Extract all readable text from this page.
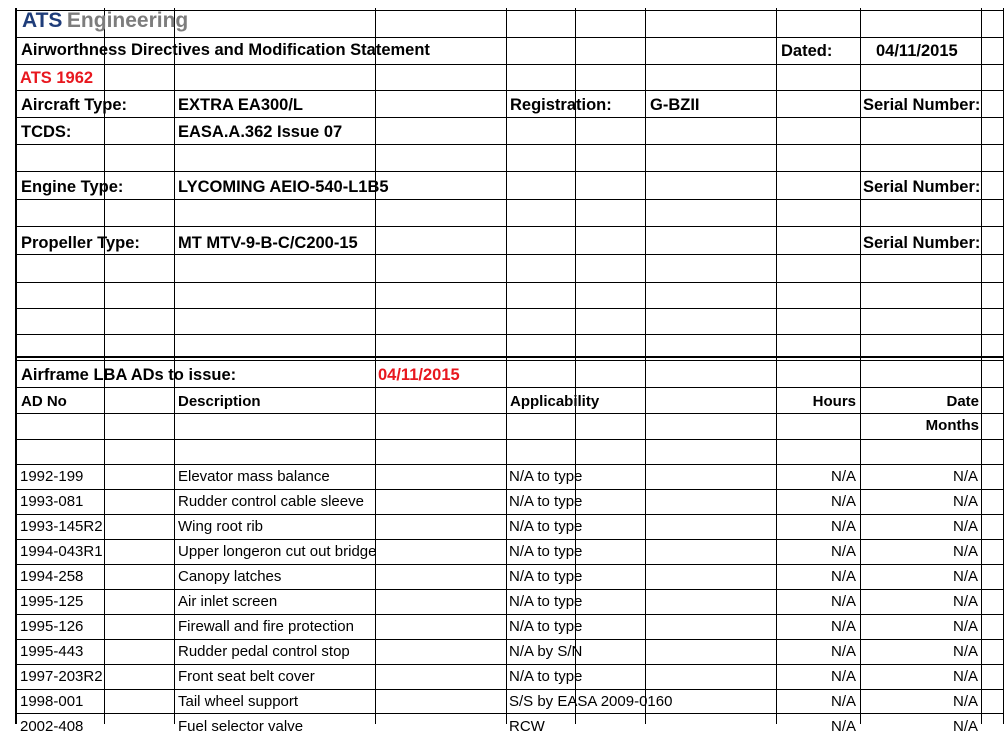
ATS Engineering
Airworthness Directives and Modification Statement	Dated:	04/11/2015
ATS 1962
Aircraft Type:	EXTRA EA300/L	Registration: G-BZII	Serial Number:
TCDS:	EASA.A.362 Issue 07
Engine Type:	LYCOMING AEIO-540-L1B5	Serial Number:
Propeller Type: MT MTV-9-B-C/C200-15	Serial Number:
Airframe LBA ADs to issue:	04/11/2015
AD No	Description	Applicability	Hours	Date
Months
1992-199	Elevator mass balance	N/A to type	N/A	N/A
1993-081	Rudder control cable sleeve	N/A to type	N/A	N/A
1993-145R2	Wing root rib	N/A to type	N/A	N/A
1994-043R1	Upper longeron cut out bridge	N/A to type	N/A	N/A
1994-258	Canopy latches	N/A to type	N/A	N/A
1995-125	Air inlet screen	N/A to type	N/A	N/A
1995-126	Firewall and fire protection	N/A to type	N/A	N/A
1995-443	Rudder pedal control stop	N/A by S/N	N/A	N/A
1997-203R2	Front seat belt cover	N/A to type	N/A	N/A
1998-001	Tail wheel support	S/S by EASA 2009-0160	N/A	N/A
2002-408	Fuel selector valve	RCW	N/A	N/A
